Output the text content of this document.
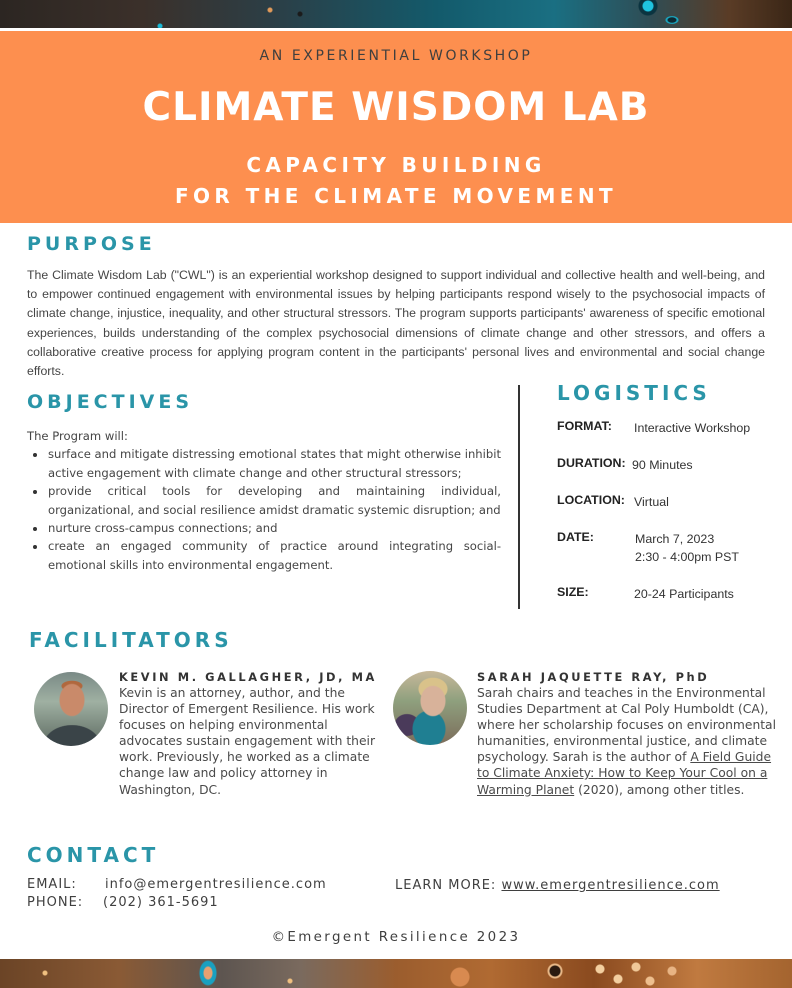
AN EXPERIENTIAL WORKSHOP
CLIMATE WISDOM LAB
CAPACITY BUILDING
FOR THE CLIMATE MOVEMENT
PURPOSE

The Climate Wisdom Lab ("CWL") is an experiential workshop designed to support individual and collective health and well-being, and to empower continued engagement with environmental issues by helping participants respond wisely to the psychosocial impacts of climate change, injustice, inequality, and other structural stressors. The program supports participants' awareness of specific emotional experiences, builds understanding of the complex psychosocial dimensions of climate change and other stressors, and offers a collaborative creative process for applying program content in the participants' personal lives and environmental and social change efforts.

OBJECTIVES
The Program will:
surface and mitigate distressing emotional states that might otherwise inhibit active engagement with climate change and other structural stressors;
provide critical tools for developing and maintaining individual, organizational, and social resilience amidst dramatic systemic disruption; and
nurture cross-campus connections; and
create an engaged community of practice around integrating social-emotional skills into environmental engagement.
LOGISTICS
FORMAT: Interactive Workshop
DURATION: 90 Minutes
LOCATION: Virtual
DATE:	March 7, 2023
2:30 - 4:00pm PST
SIZE:	20-24 Participants
FACILITATORS
KEVIN M. GALLAGHER, JD, MA
Kevin is an attorney, author, and the Director of Emergent Resilience. His work focuses on helping environmental advocates sustain engagement with their work. Previously, he worked as a climate change law and policy attorney in Washington, DC.
SARAH JAQUETTE RAY, PhD
Sarah chairs and teaches in the Environmental Studies Department at Cal Poly Humboldt (CA), where her scholarship focuses on environmental humanities, environmental justice, and climate psychology. Sarah is the author of A Field Guide to Climate Anxiety: How to Keep Your Cool on a Warming Planet (2020), among other titles.
CONTACT
EMAIL: info@emergentresilience.com
PHONE: (202) 361-5691
LEARN MORE: www.emergentresilience.com
©Emergent Resilience 2023
